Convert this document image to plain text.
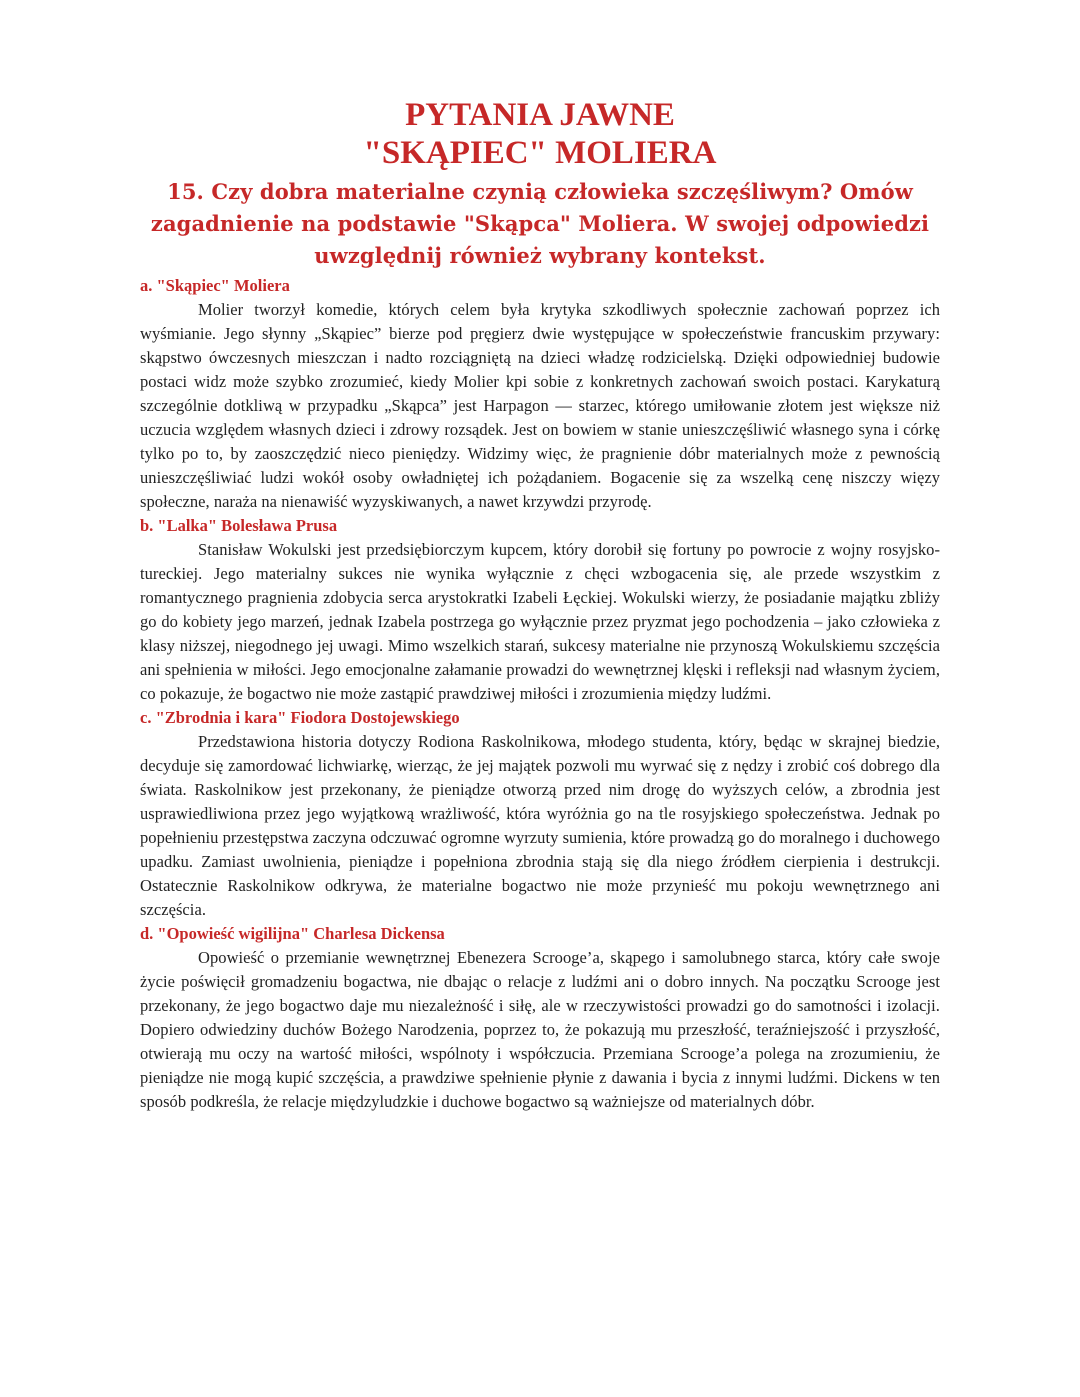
PYTANIA JAWNE
"SKĄPIEC" MOLIERA
15. Czy dobra materialne czynią człowieka szczęśliwym? Omów zagadnienie na podstawie "Skąpca" Moliera. W swojej odpowiedzi uwzględnij również wybrany kontekst.

a. "Skąpiec" Moliera

Molier tworzył komedie, których celem była krytyka szkodliwych społecznie zachowań poprzez ich wyśmianie. Jego słynny „Skąpiec” bierze pod pręgierz dwie występujące w społeczeństwie francuskim przywary: skąpstwo ówczesnych mieszczan i nadto rozciągniętą na dzieci władzę rodzicielską. Dzięki odpowiedniej budowie postaci widz może szybko zrozumieć, kiedy Molier kpi sobie z konkretnych zachowań swoich postaci. Karykaturą szczególnie dotkliwą w przypadku „Skąpca” jest Harpagon — starzec, którego umiłowanie złotem jest większe niż uczucia względem własnych dzieci i zdrowy rozsądek. Jest on bowiem w stanie unieszczęśliwić własnego syna i córkę tylko po to, by zaoszczędzić nieco pieniędzy. Widzimy więc, że pragnienie dóbr materialnych może z pewnością unieszczęśliwiać ludzi wokół osoby owładniętej ich pożądaniem. Bogacenie się za wszelką cenę niszczy więzy społeczne, naraża na nienawiść wyzyskiwanych, a nawet krzywdzi przyrodę.

b. "Lalka" Bolesława Prusa

Stanisław Wokulski jest przedsiębiorczym kupcem, który dorobił się fortuny po powrocie z wojny rosyjsko-tureckiej. Jego materialny sukces nie wynika wyłącznie z chęci wzbogacenia się, ale przede wszystkim z romantycznego pragnienia zdobycia serca arystokratki Izabeli Łęckiej. Wokulski wierzy, że posiadanie majątku zbliży go do kobiety jego marzeń, jednak Izabela postrzega go wyłącznie przez pryzmat jego pochodzenia – jako człowieka z klasy niższej, niegodnego jej uwagi. Mimo wszelkich starań, sukcesy materialne nie przynoszą Wokulskiemu szczęścia ani spełnienia w miłości. Jego emocjonalne załamanie prowadzi do wewnętrznej klęski i refleksji nad własnym życiem, co pokazuje, że bogactwo nie może zastąpić prawdziwej miłości i zrozumienia między ludźmi.

c. "Zbrodnia i kara" Fiodora Dostojewskiego

Przedstawiona historia dotyczy Rodiona Raskolnikowa, młodego studenta, który, będąc w skrajnej biedzie, decyduje się zamordować lichwiarkę, wierząc, że jej majątek pozwoli mu wyrwać się z nędzy i zrobić coś dobrego dla świata. Raskolnikow jest przekonany, że pieniądze otworzą przed nim drogę do wyższych celów, a zbrodnia jest usprawiedliwiona przez jego wyjątkową wrażliwość, która wyróżnia go na tle rosyjskiego społeczeństwa. Jednak po popełnieniu przestępstwa zaczyna odczuwać ogromne wyrzuty sumienia, które prowadzą go do moralnego i duchowego upadku. Zamiast uwolnienia, pieniądze i popełniona zbrodnia stają się dla niego źródłem cierpienia i destrukcji. Ostatecznie Raskolnikow odkrywa, że materialne bogactwo nie może przynieść mu pokoju wewnętrznego ani szczęścia.

d. "Opowieść wigilijna" Charlesa Dickensa

Opowieść o przemianie wewnętrznej Ebenezera Scrooge’a, skąpego i samolubnego starca, który całe swoje życie poświęcił gromadzeniu bogactwa, nie dbając o relacje z ludźmi ani o dobro innych. Na początku Scrooge jest przekonany, że jego bogactwo daje mu niezależność i siłę, ale w rzeczywistości prowadzi go do samotności i izolacji. Dopiero odwiedziny duchów Bożego Narodzenia, poprzez to, że pokazują mu przeszłość, teraźniejszość i przyszłość, otwierają mu oczy na wartość miłości, wspólnoty i współczucia. Przemiana Scrooge’a polega na zrozumieniu, że pieniądze nie mogą kupić szczęścia, a prawdziwe spełnienie płynie z dawania i bycia z innymi ludźmi. Dickens w ten sposób podkreśla, że relacje międzyludzkie i duchowe bogactwo są ważniejsze od materialnych dóbr.
